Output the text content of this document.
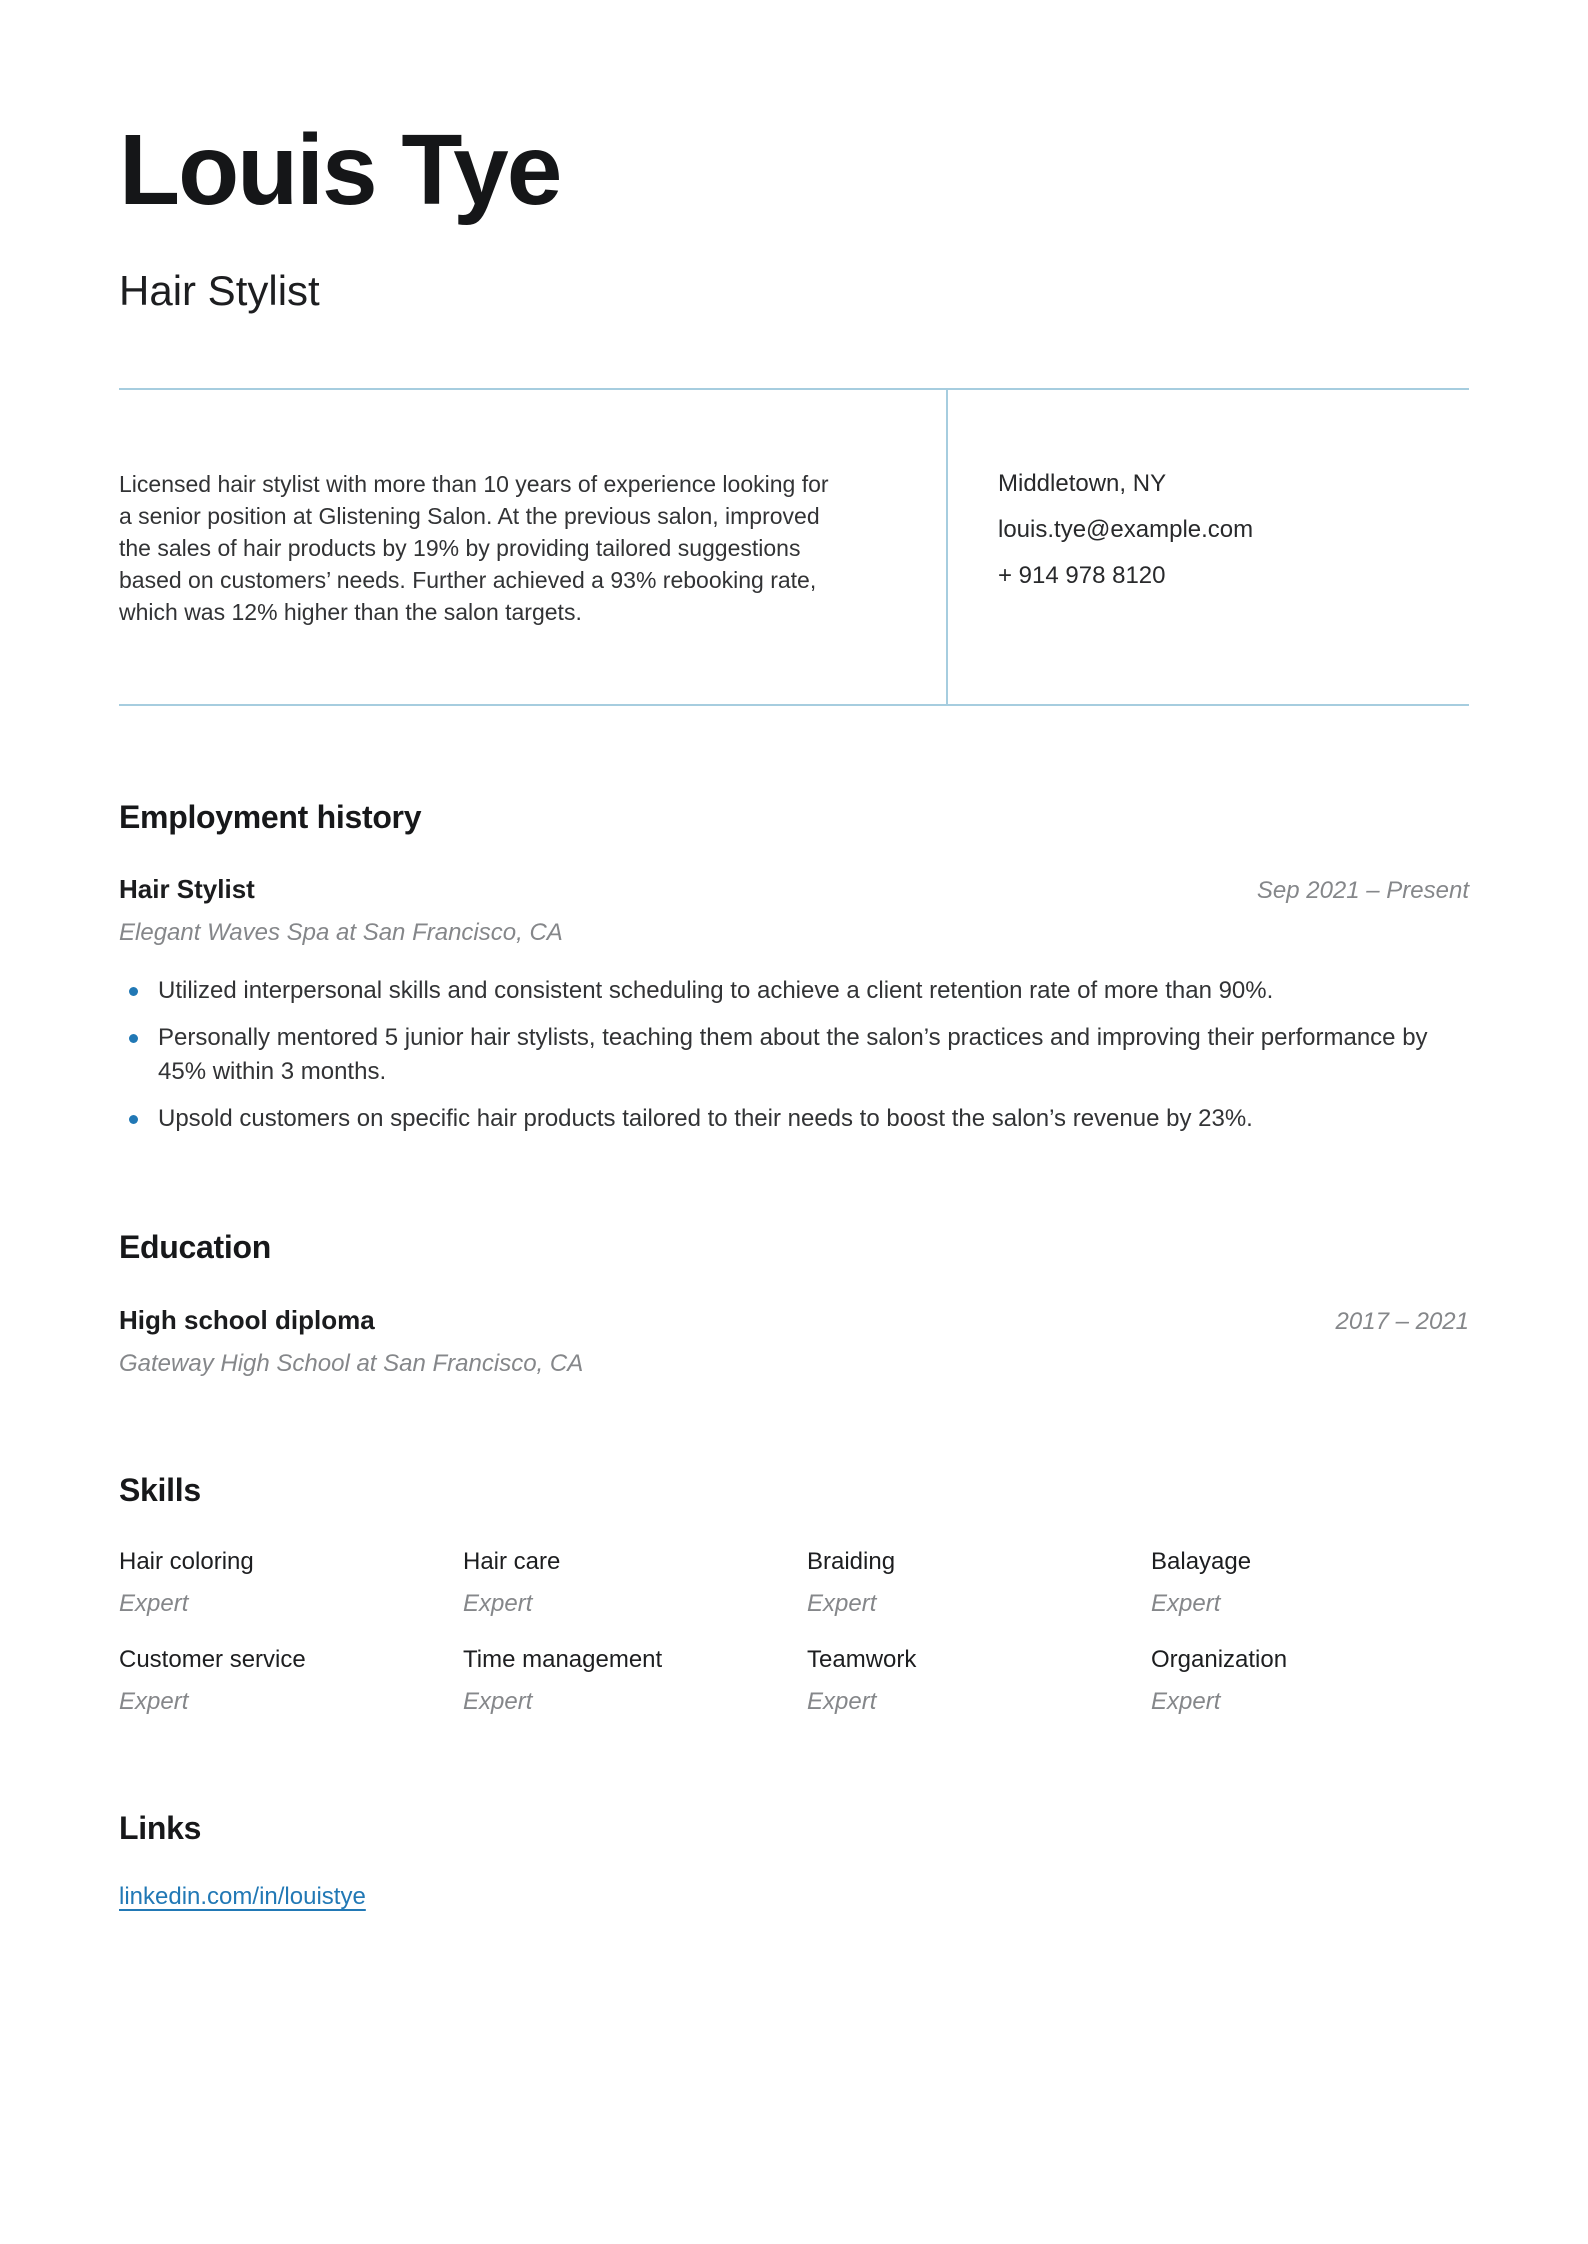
Louis Tye
Hair Stylist
Licensed hair stylist with more than 10 years of experience looking for a senior position at Glistening Salon. At the previous salon, improved the sales of hair products by 19% by providing tailored suggestions based on customers’ needs. Further achieved a 93% rebooking rate, which was 12% higher than the salon targets.
Middletown, NY
louis.tye@example.com
+ 914 978 8120
Employment history
Hair Stylist	Sep 2021 – Present
Elegant Waves Spa at San Francisco, CA
Utilized interpersonal skills and consistent scheduling to achieve a client retention rate of more than 90%.
Personally mentored 5 junior hair stylists, teaching them about the salon’s practices and improving their performance by 45% within 3 months.
Upsold customers on specific hair products tailored to their needs to boost the salon’s revenue by 23%.
Education
High school diploma	2017 – 2021
Gateway High School at San Francisco, CA
Skills
Hair coloring
Expert
Hair care
Expert
Braiding
Expert
Balayage
Expert
Customer service
Expert
Time management
Expert
Teamwork
Expert
Organization
Expert
Links
linkedin.com/in/louistye
